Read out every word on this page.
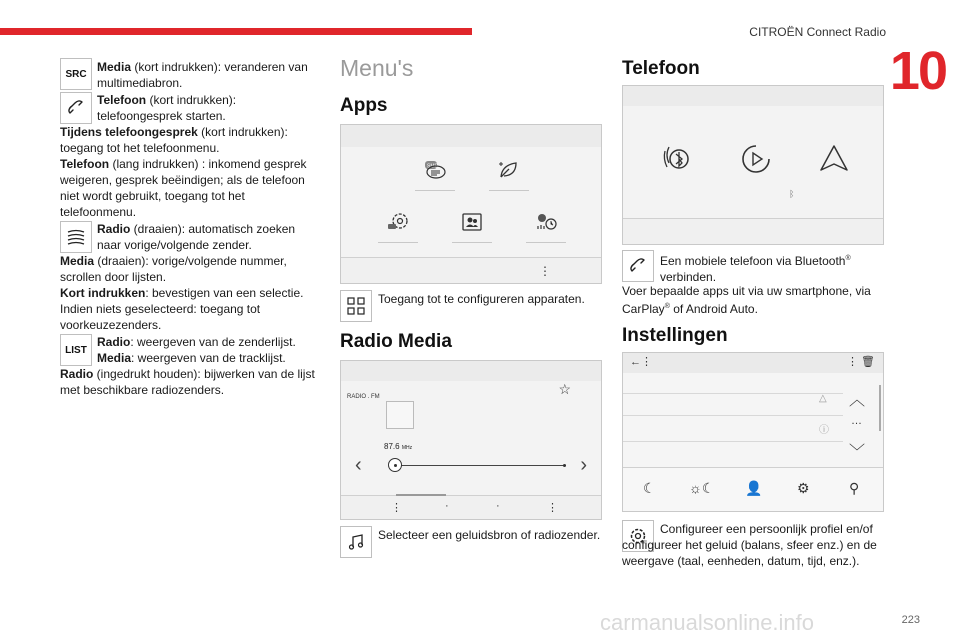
CITROËN Connect Radio
10
223
carmanualsonline.info
SRC Media (kort indrukken): veranderen van multimediabron.
Telefoon (kort indrukken): telefoongesprek starten.
Tijdens telefoongesprek (kort indrukken): toegang tot het telefoonmenu.
Telefoon (lang indrukken) : inkomend gesprek weigeren, gesprek beëindigen; als de telefoon niet wordt gebruikt, toegang tot het telefoonmenu.
Radio (draaien): automatisch zoeken naar vorige/volgende zender.
Media (draaien): vorige/volgende nummer, scrollen door lijsten.
Kort indrukken: bevestigen van een selectie. Indien niets geselecteerd: toegang tot voorkeuzezenders.
LIST
Radio: weergeven van de zenderlijst.
Media: weergeven van de tracklijst.
Radio (ingedrukt houden): bijwerken van de lijst met beschikbare radiozenders.
Menu's
Apps
⋮
SMS
Toegang tot te configureren apparaten.
Radio Media
RADIO . FM	☆
87.6 MHz
‹	›
⋮	·	·	⋮
Selecteer een geluidsbron of radiozender.
Telefoon
ᛒ
Een mobiele telefoon via Bluetooth® verbinden.
Voer bepaalde apps uit via uw smartphone, via CarPlay® of Android Auto.
Instellingen
←⋮	⋮ 🗑
△
ⓘ
︿
…
﹀
☾ ☼☾ 👤 ⚙	⚲
Configureer een persoonlijk profiel en/of configureer het geluid (balans, sfeer enz.) en de weergave (taal, eenheden, datum, tijd, enz.).
